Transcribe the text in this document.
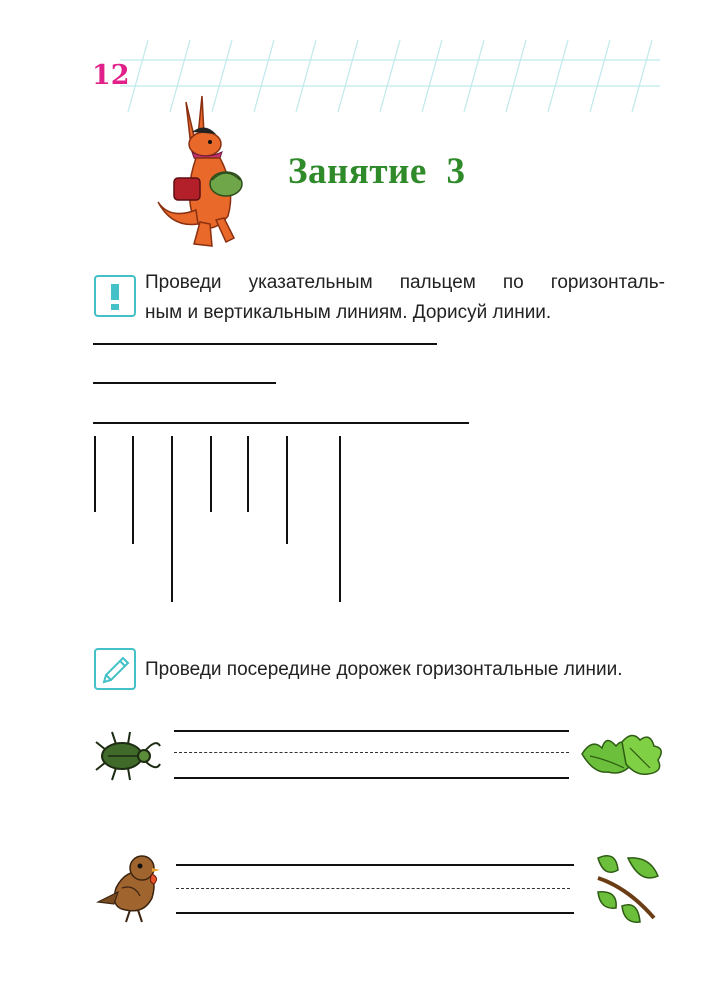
12
Занятие 3
Проведи указательным пальцем по горизонталь-
ным и вертикальным линиям. Дорисуй линии.
Проведи посередине дорожек горизонтальные линии.
